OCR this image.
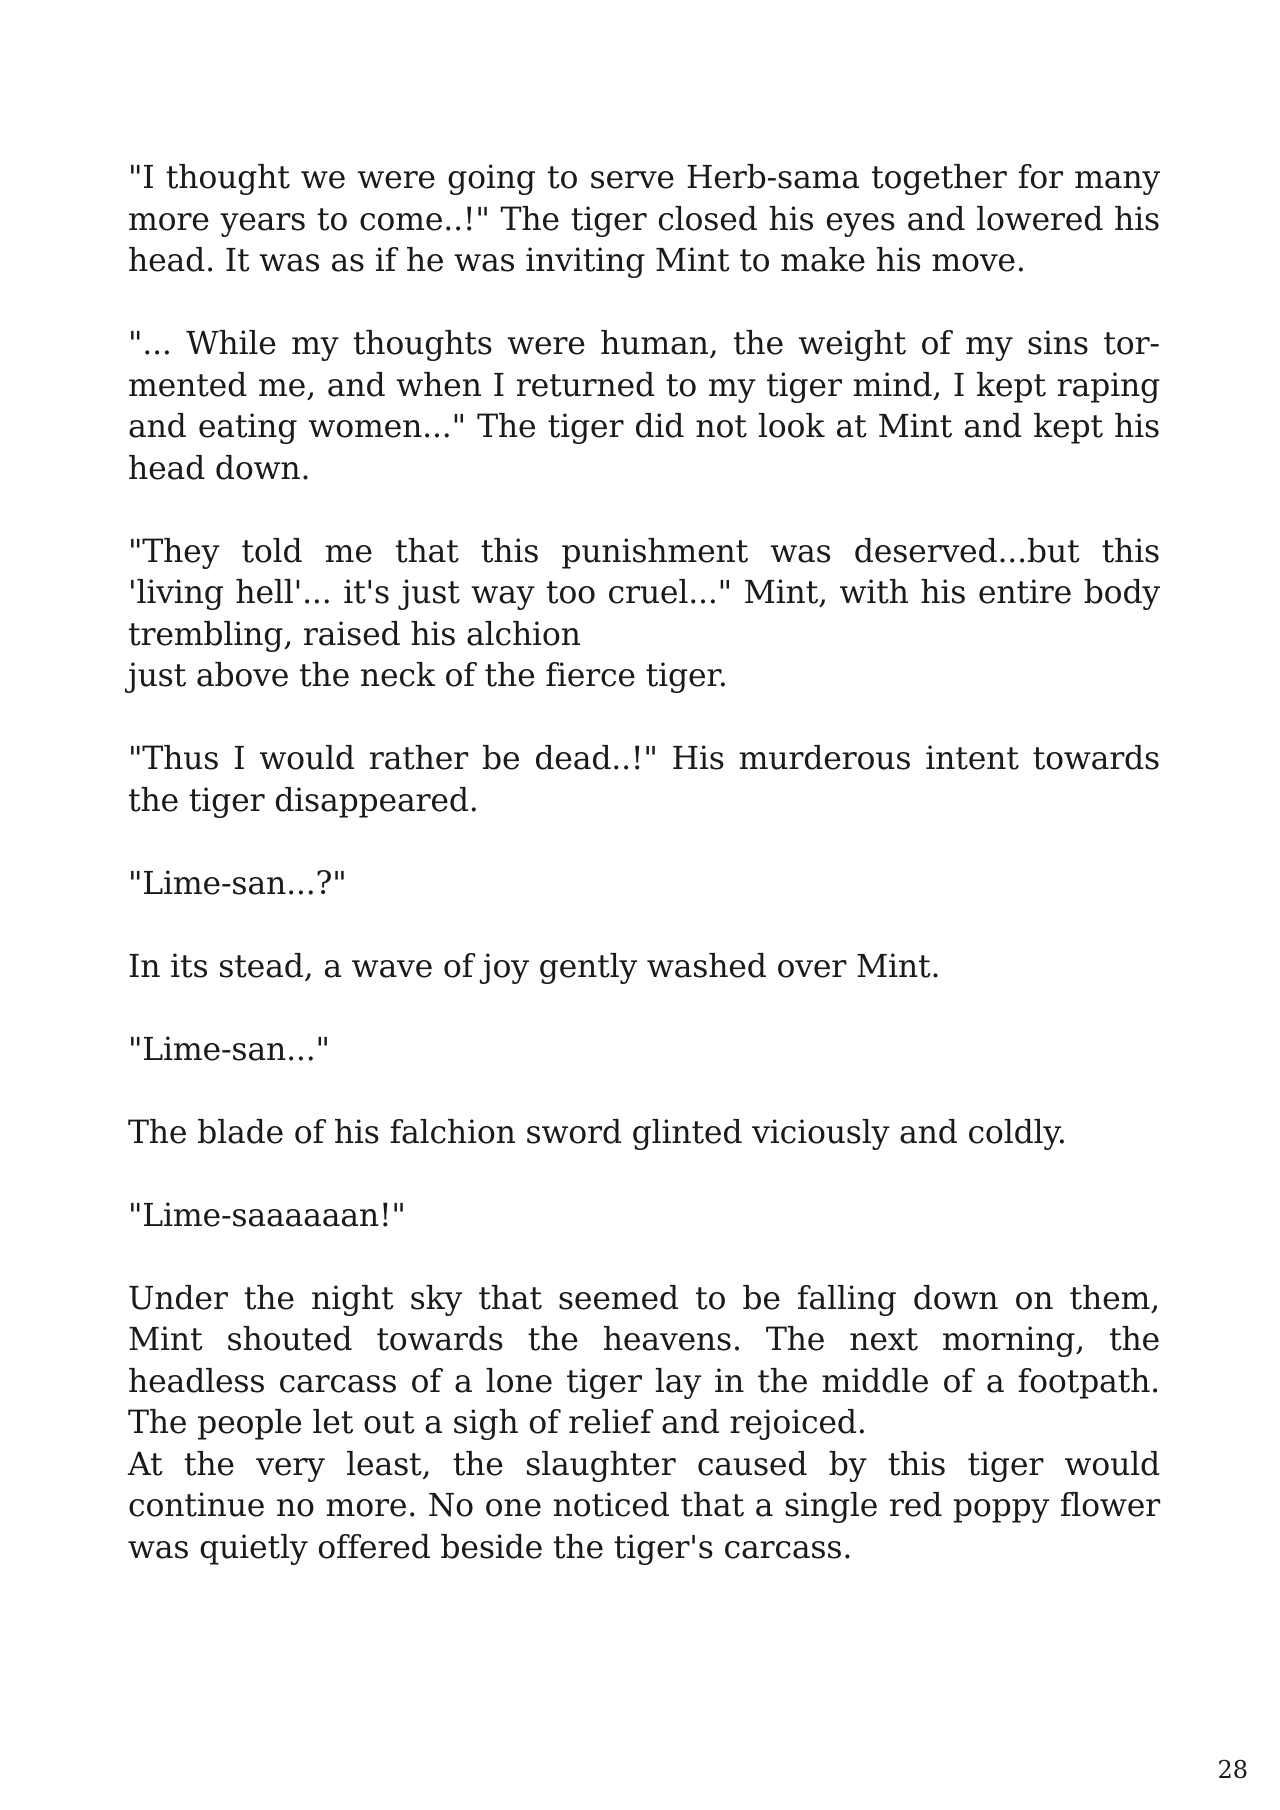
"I thought we were going to serve Herb-sama together for many more years to come..!" The tiger closed his eyes and lowered his head. It was as if he was inviting Mint to make his move.

"... While my thoughts were human, the weight of my sins tormented me, and when I returned to my tiger mind, I kept raping and eating women..." The tiger did not look at Mint and kept his head down.

"They told me that this punishment was deserved...but this 'living hell'... it's just way too cruel..." Mint, with his entire body trembling, raised his alchion

just above the neck of the fierce tiger.

"Thus I would rather be dead..!" His murderous intent towards the tiger disappeared.

"Lime-san...?"

In its stead, a wave of joy gently washed over Mint.

"Lime-san..."

The blade of his falchion sword glinted viciously and coldly.

"Lime-saaaaaan!"

Under the night sky that seemed to be falling down on them, Mint shouted towards the heavens. The next morning, the headless carcass of a lone tiger lay in the middle of a footpath. The people let out a sigh of relief and rejoiced.

At the very least, the slaughter caused by this tiger would continue no more. No one noticed that a single red poppy flower was quietly offered beside the tiger's carcass.

28
